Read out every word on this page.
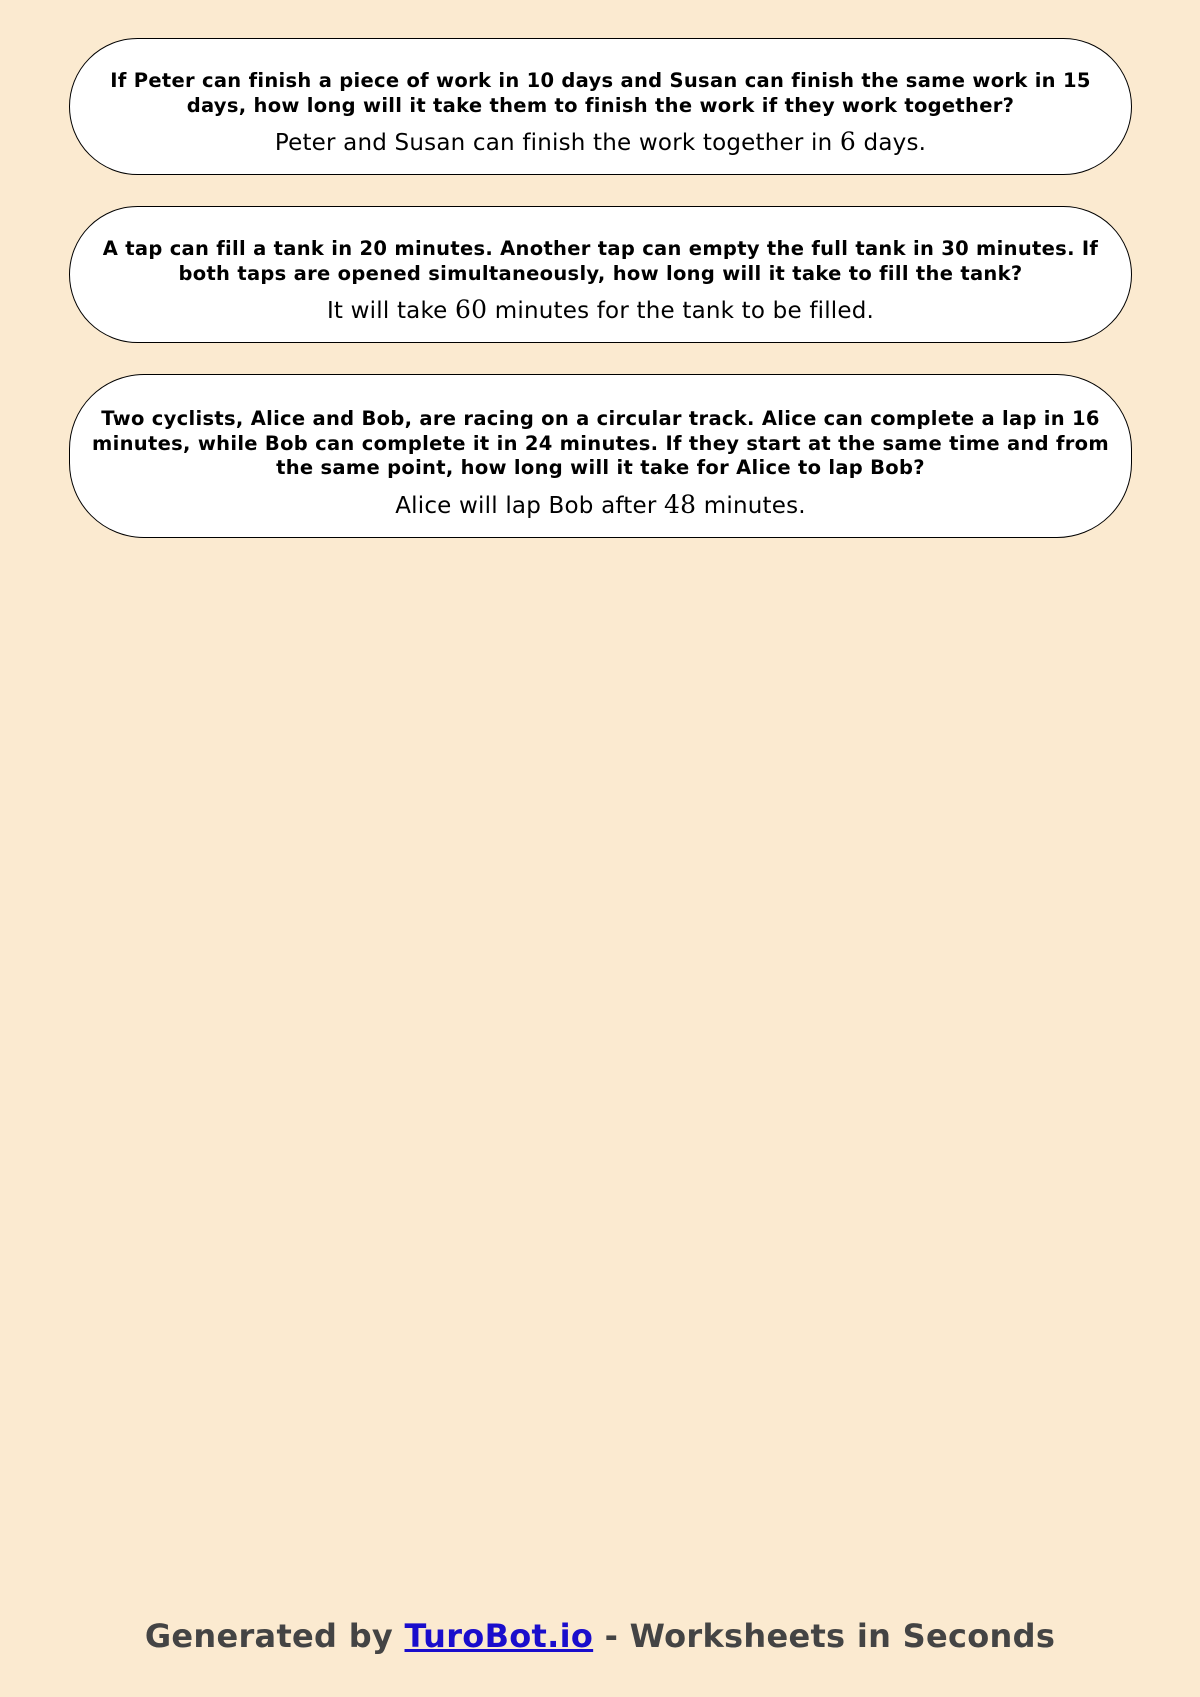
If Peter can finish a piece of work in 10 days and Susan can finish the same work in 15 days, how long will it take them to finish the work if they work together?

Peter and Susan can finish the work together in 6 days.

A tap can fill a tank in 20 minutes. Another tap can empty the full tank in 30 minutes. If both taps are opened simultaneously, how long will it take to fill the tank?

It will take 60 minutes for the tank to be filled.

Two cyclists, Alice and Bob, are racing on a circular track. Alice can complete a lap in 16 minutes, while Bob can complete it in 24 minutes. If they start at the same time and from the same point, how long will it take for Alice to lap Bob?

Alice will lap Bob after 48 minutes.

Generated by TuroBot.io - Worksheets in Seconds
